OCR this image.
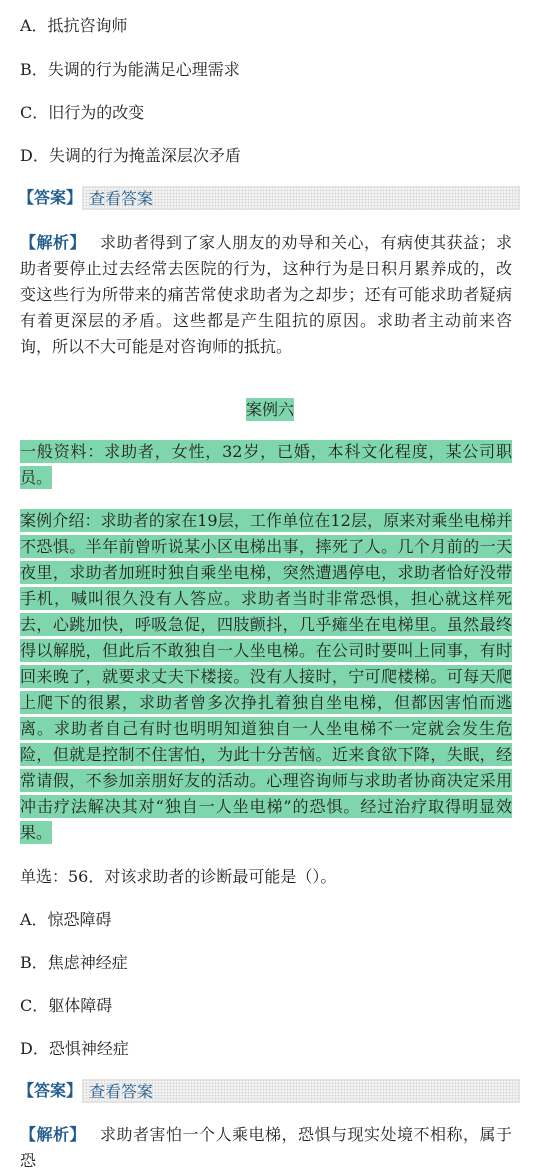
A．抵抗咨询师
B．失调的行为能满足心理需求
C．旧行为的改变
D．失调的行为掩盖深层次矛盾
【答案】 查看答案
【解析】 求助者得到了家人朋友的劝导和关心，有病使其获益；求助者要停止过去经常去医院的行为，这种行为是日积月累养成的，改变这些行为所带来的痛苦常使求助者为之却步；还有可能求助者疑病有着更深层的矛盾。这些都是产生阻抗的原因。求助者主动前来咨询，所以不大可能是对咨询师的抵抗。
案例六
一般资料：求助者，女性，32岁，已婚，本科文化程度，某公司职员。
案例介绍：求助者的家在19层，工作单位在12层，原来对乘坐电梯并不恐惧。半年前曾听说某小区电梯出事，摔死了人。几个月前的一天夜里，求助者加班时独自乘坐电梯，突然遭遇停电，求助者恰好没带手机，喊叫很久没有人答应。求助者当时非常恐惧，担心就这样死去，心跳加快，呼吸急促，四肢颤抖，几乎瘫坐在电梯里。虽然最终得以解脱，但此后不敢独自一人坐电梯。在公司时要叫上同事，有时回来晚了，就要求丈夫下楼接。没有人接时，宁可爬楼梯。可每天爬上爬下的很累，求助者曾多次挣扎着独自坐电梯，但都因害怕而逃离。求助者自己有时也明明知道独自一人坐电梯不一定就会发生危险，但就是控制不住害怕，为此十分苦恼。近来食欲下降，失眠，经常请假，不参加亲朋好友的活动。心理咨询师与求助者协商决定采用冲击疗法解决其对“独自一人坐电梯”的恐惧。经过治疗取得明显效果。
单选：56．对该求助者的诊断最可能是（）。
A．惊恐障碍
B．焦虑神经症
C．躯体障碍
D．恐惧神经症
【答案】 查看答案
【解析】 求助者害怕一个人乘电梯，恐惧与现实处境不相称，属于恐
